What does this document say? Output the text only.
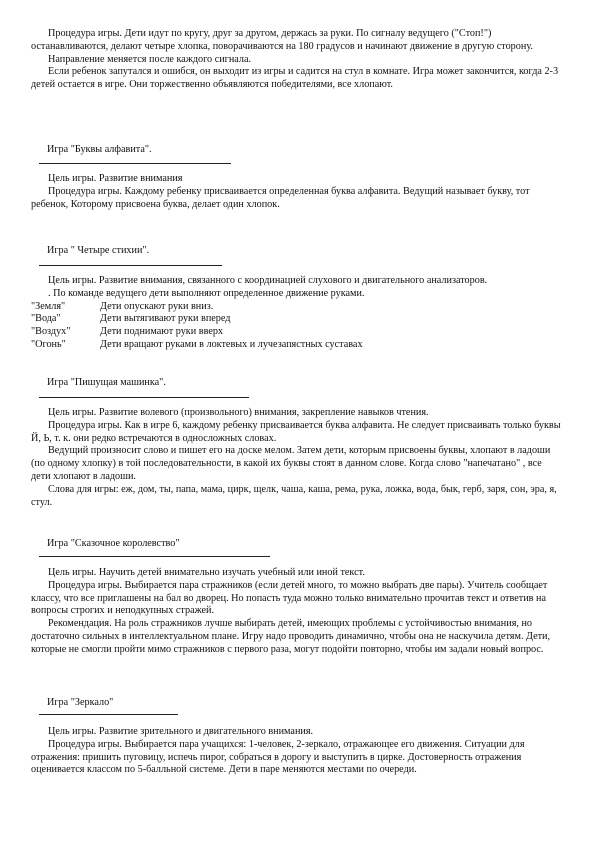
Процедура игры. Дети идут по кругу, друг за другом, держась за руки. По сигналу ведущего ("Стоп!") останавливаются, делают четыре хлопка, поворачиваются на 180 градусов и начинают движение в другую сторону.

Направление меняется после каждого сигнала.

Если ребенок запутался и ошибся, он выходит из игры и садится на стул в комнате. Игра может закончится, когда 2-3 детей остается в игре. Они торжественно объявляются победителями, все хлопают.

Игра "Буквы алфавита".

Цель игры. Развитие внимания

Процедура игры. Каждому ребенку присваивается определенная буква алфавита. Ведущий называет букву, тот ребенок, Которому присвоена буква, делает один хлопок.

Игра " Четыре стихии".

Цель игры. Развитие внимания, связанного с координацией слухового и двигательного анализаторов.

. По команде ведущего дети выполняют определенное движение руками.

"Земля"	Дети опускают руки вниз.
"Вода"	Дети вытягивают руки вперед
"Воздух"	Дети поднимают руки вверх
"Огонь"	Дети вращают руками в локтевых и лучезапястных суставах

Игра "Пишущая машинка".

Цель игры. Развитие волевого (произвольного) внимания, закрепление навыков чтения.

Процедура игры. Как в игре 6, каждому ребенку присваивается буква алфавита. Не следует присваивать только буквы Й, Ь, т. к. они редко встречаются в односложных словах.

Ведущий произносит слово и пишет его на доске мелом. Затем дети, которым присвоены буквы, хлопают в ладоши (по одному хлопку) в той последовательности, в какой их буквы стоят в данном слове. Когда слово "напечатано" , все дети хлопают в ладоши.

Слова для игры: еж, дом, ты, папа, мама, цирк, щелк, чаша, каша, рема, рука, ложка, вода, бык, герб, заря, сон, эра, я, стул.

Игра "Сказочное королевство"

Цель игры. Научить детей внимательно изучать учебный или иной текст.

Процедура игры. Выбирается пара стражников (если детей много, то можно выбрать две пары). Учитель сообщает классу, что все приглашены на бал во дворец. Но попасть туда можно только внимательно прочитав текст и ответив на вопросы строгих и неподкупных стражей.

Рекомендация. На роль стражников лучше выбирать детей, имеющих проблемы с устойчивостью внимания, но достаточно сильных в интеллектуальном плане. Игру надо проводить динамично, чтобы она не наскучила детям. Дети, которые не смогли пройти мимо стражников с первого раза, могут подойти повторно, чтобы им задали новый вопрос.

Игра "Зеркало"

Цель игры. Развитие зрительного и двигательного внимания.

Процедура игры. Выбирается пара учащихся: 1-человек, 2-зеркало, отражающее его движения. Ситуации для отражения: пришить пуговицу, испечь пирог, собраться в дорогу и выступить в цирке. Достоверность отражения оценивается классом по 5-балльной системе. Дети в паре меняются местами по очереди.
